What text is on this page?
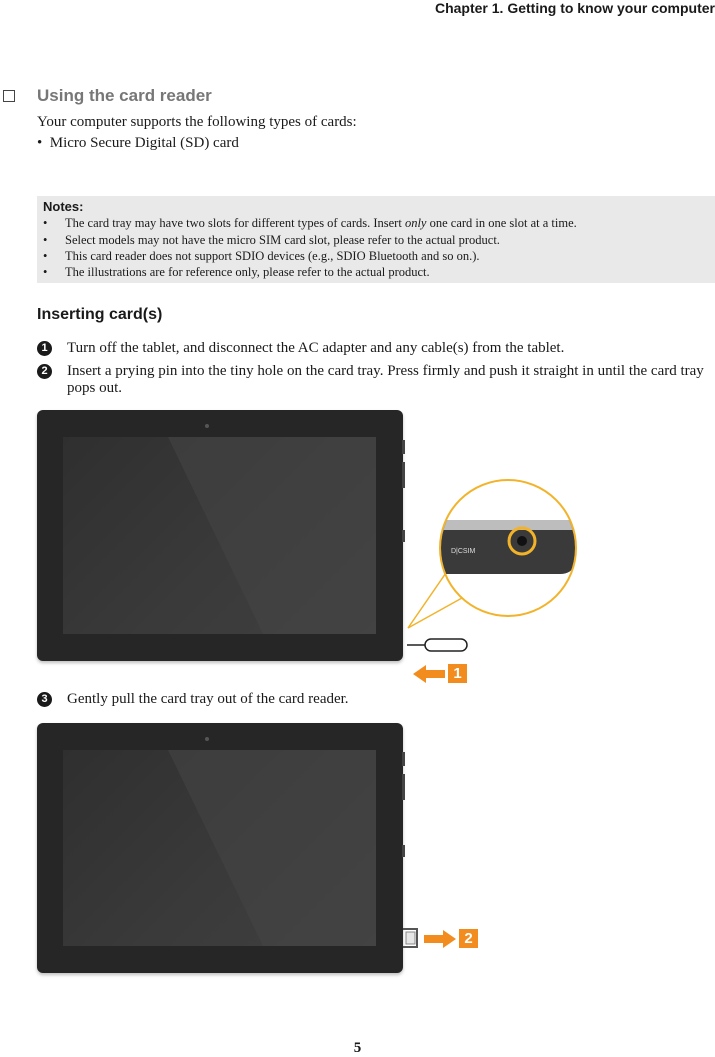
Chapter 1. Getting to know your computer
Using the card reader
Your computer supports the following types of cards:
•  Micro Secure Digital (SD) card
Notes:
• The card tray may have two slots for different types of cards. Insert only one card in one slot at a time.
• Select models may not have the micro SIM card slot, please refer to the actual product.
• This card reader does not support SDIO devices (e.g., SDIO Bluetooth and so on.).
• The illustrations are for reference only, please refer to the actual product.
Inserting card(s)
1 Turn off the tablet, and disconnect the AC adapter and any cable(s) from the tablet.
2 Insert a prying pin into the tiny hole on the card tray. Press firmly and push it straight in until the card tray pops out.
D|CSIM
1
3 Gently pull the card tray out of the card reader.
2
5
